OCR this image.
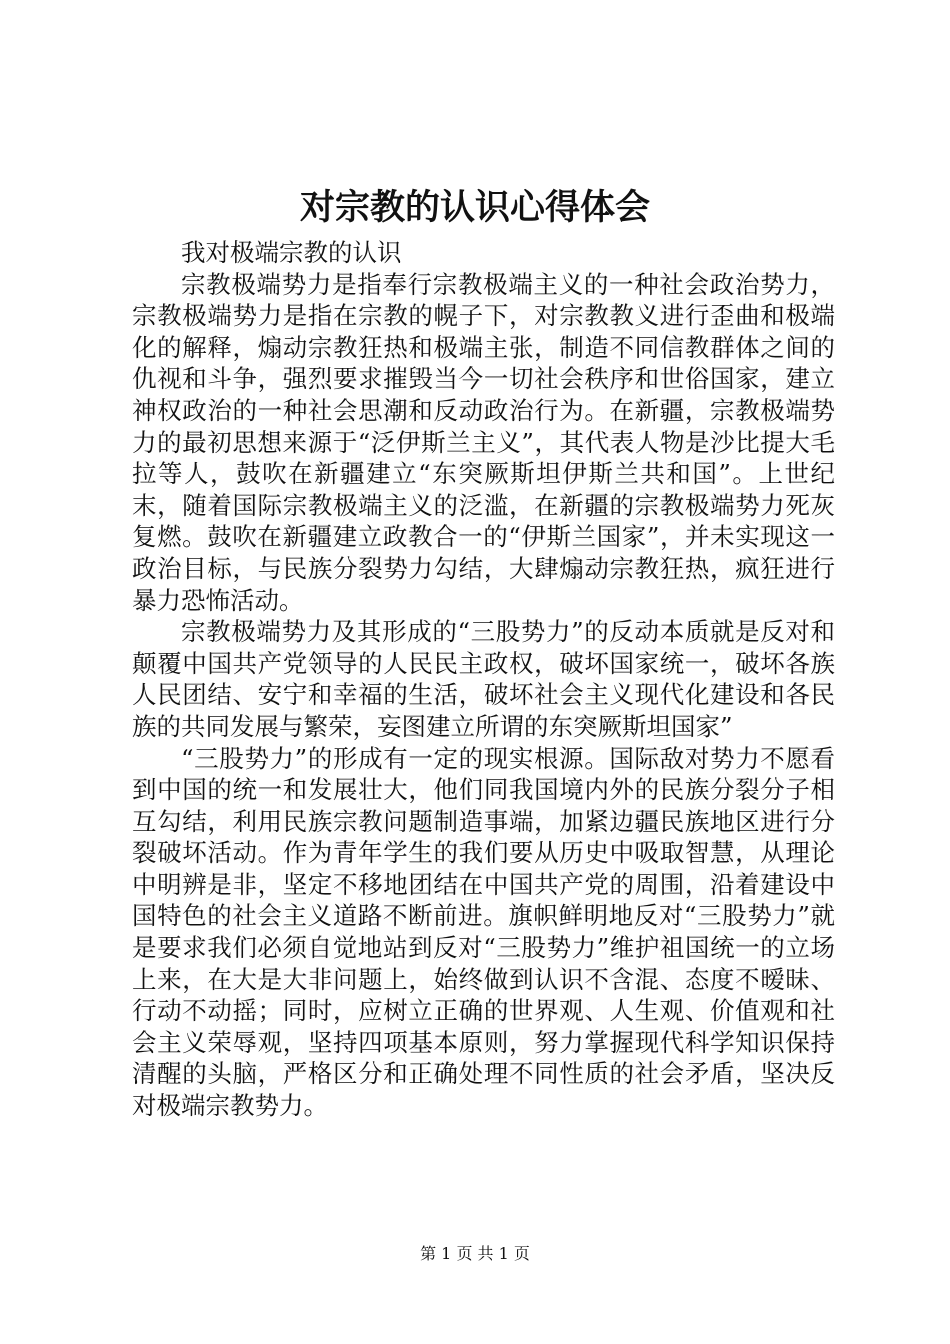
对宗教的认识心得体会

我对极端宗教的认识

宗教极端势力是指奉行宗教极端主义的一种社会政治势力，宗教极端势力是指在宗教的幌子下，对宗教教义进行歪曲和极端化的解释，煽动宗教狂热和极端主张，制造不同信教群体之间的仇视和斗争，强烈要求摧毁当今一切社会秩序和世俗国家，建立神权政治的一种社会思潮和反动政治行为。在新疆，宗教极端势力的最初思想来源于“泛伊斯兰主义”，其代表人物是沙比提大毛拉等人，鼓吹在新疆建立“东突厥斯坦伊斯兰共和国”。上世纪末，随着国际宗教极端主义的泛滥，在新疆的宗教极端势力死灰复燃。鼓吹在新疆建立政教合一的“伊斯兰国家”，并未实现这一政治目标，与民族分裂势力勾结，大肆煽动宗教狂热，疯狂进行暴力恐怖活动。

宗教极端势力及其形成的“三股势力”的反动本质就是反对和颠覆中国共产党领导的人民民主政权，破坏国家统一，破坏各族人民团结、安宁和幸福的生活，破坏社会主义现代化建设和各民族的共同发展与繁荣，妄图建立所谓的东突厥斯坦国家”

“三股势力”的形成有一定的现实根源。国际敌对势力不愿看到中国的统一和发展壮大，他们同我国境内外的民族分裂分子相互勾结，利用民族宗教问题制造事端，加紧边疆民族地区进行分裂破坏活动。作为青年学生的我们要从历史中吸取智慧，从理论中明辨是非，坚定不移地团结在中国共产党的周围，沿着建设中国特色的社会主义道路不断前进。旗帜鲜明地反对“三股势力”就是要求我们必须自觉地站到反对“三股势力”维护祖国统一的立场上来，在大是大非问题上，始终做到认识不含混、态度不暧昧、行动不动摇；同时，应树立正确的世界观、人生观、价值观和社会主义荣辱观，坚持四项基本原则，努力掌握现代科学知识保持清醒的头脑，严格区分和正确处理不同性质的社会矛盾，坚决反对极端宗教势力。

第 1 页 共 1 页
